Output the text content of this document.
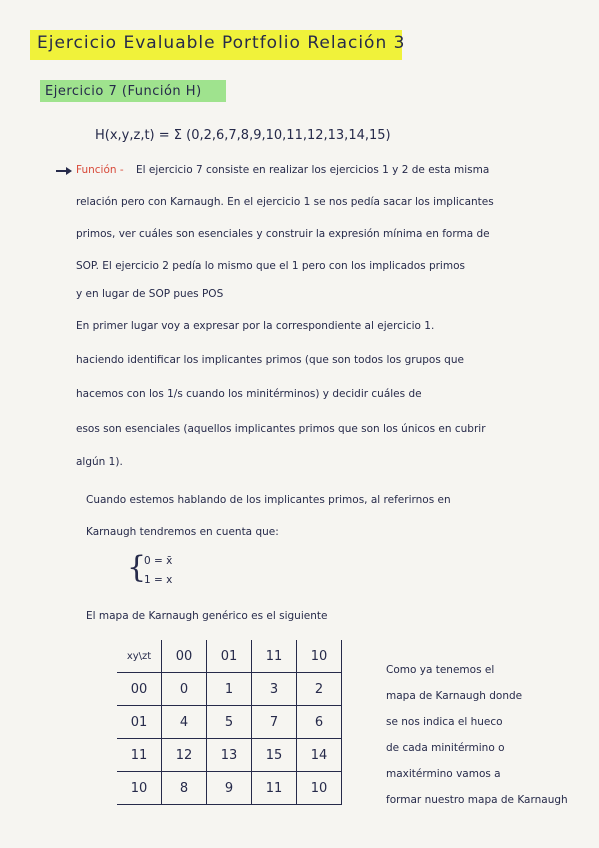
Ejercicio Evaluable Portfolio Relación 3
Ejercicio 7 (Función H)
H(x,y,z,t) = Σ (0,2,6,7,8,9,10,11,12,13,14,15)
Función - El ejercicio 7 consiste en realizar los ejercicios 1 y 2 de esta misma
relación pero con Karnaugh. En el ejercicio 1 se nos pedía sacar los implicantes
primos, ver cuáles son esenciales y construir la expresión mínima en forma de
SOP. El ejercicio 2 pedía lo mismo que el 1 pero con los implicados primos
y en lugar de SOP pues POS
En primer lugar voy a expresar por la correspondiente al ejercicio 1.
haciendo identificar los implicantes primos (que son todos los grupos que
hacemos con los 1/s cuando los minitérminos) y decidir cuáles de
esos son esenciales (aquellos implicantes primos que son los únicos en cubrir
algún 1).
Cuando estemos hablando de los implicantes primos, al referirnos en
Karnaugh tendremos en cuenta que:
{
0 = x̄
1 = x
El mapa de Karnaugh genérico es el siguiente
xy\zt	00	01	11	10
00	0	1	3	2
01	4	5	7	6
11	12	13	15	14
10	8	9	11	10
Como ya tenemos el
mapa de Karnaugh donde
se nos indica el hueco
de cada minitérmino o
maxitérmino vamos a
formar nuestro mapa de Karnaugh
